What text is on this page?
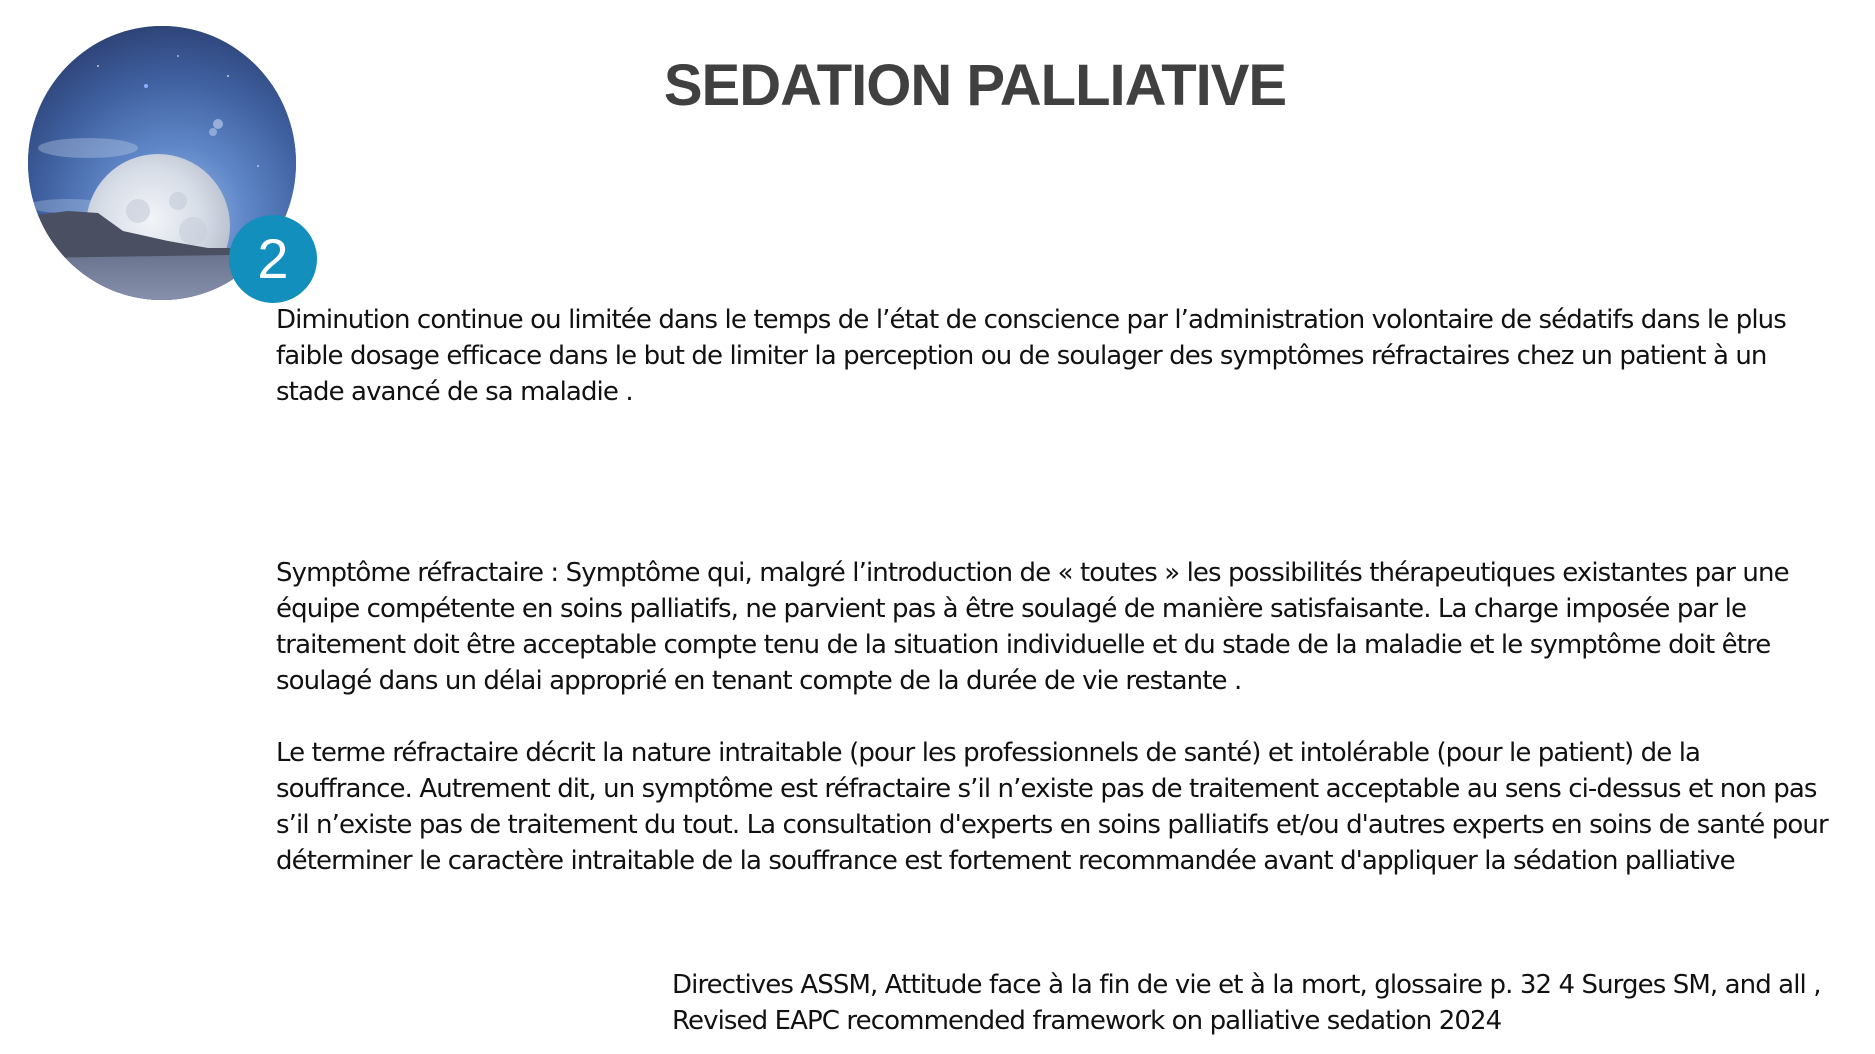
2
SEDATION PALLIATIVE

Diminution continue ou limitée dans le temps de l’état de conscience par l’administration volontaire de sédatifs dans le plus faible dosage efficace dans le but de limiter la perception ou de soulager des symptômes réfractaires chez un patient à un stade avancé de sa maladie .

Symptôme réfractaire : Symptôme qui, malgré l’introduction de « toutes » les possibilités thérapeutiques existantes par une équipe compétente en soins palliatifs, ne parvient pas à être soulagé de manière satisfaisante. La charge imposée par le traitement doit être acceptable compte tenu de la situation individuelle et du stade de la maladie et le symptôme doit être soulagé dans un délai approprié en tenant compte de la durée de vie restante .

Le terme réfractaire décrit la nature intraitable (pour les professionnels de santé) et intolérable (pour le patient) de la souffrance. Autrement dit, un symptôme est réfractaire s’il n’existe pas de traitement acceptable au sens ci-dessus et non pas s’il n’existe pas de traitement du tout. La consultation d'experts en soins palliatifs et/ou d'autres experts en soins de santé pour déterminer le caractère intraitable de la souffrance est fortement recommandée avant d'appliquer la sédation palliative

Directives ASSM, Attitude face à la fin de vie et à la mort, glossaire p. 32 4 Surges SM, and all , Revised EAPC recommended framework on palliative sedation 2024
